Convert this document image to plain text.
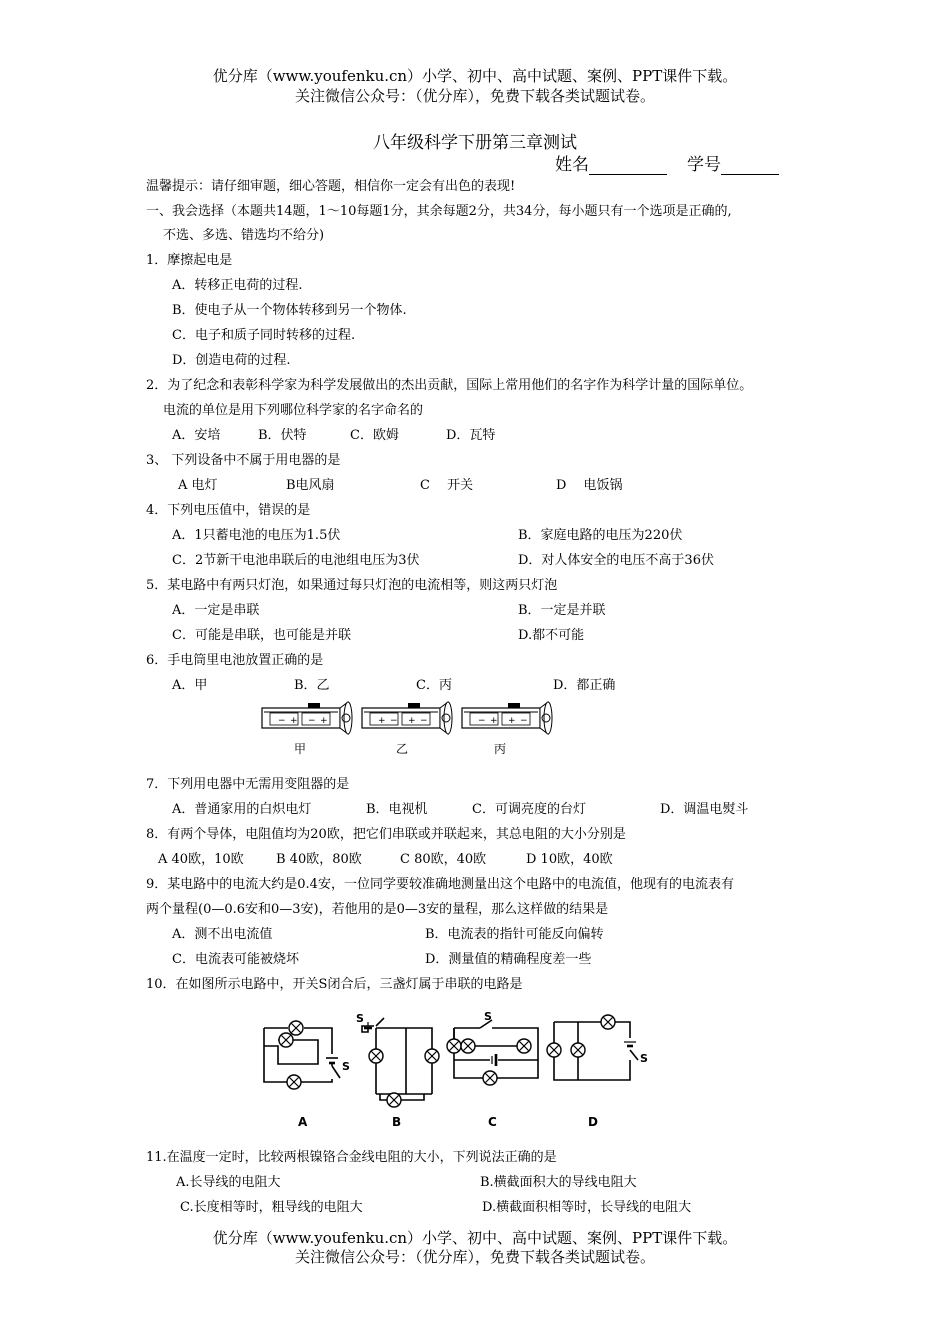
优分库（www.youfenku.cn）小学、初中、高中试题、案例、PPT课件下载。
关注微信公众号：（优分库），免费下载各类试题试卷。
八年级科学下册第三章测试
姓名	学号
温馨提示：请仔细审题，细心答题，相信你一定会有出色的表现!
一、我会选择（本题共14题，1～10每题1分，其余每题2分，共34分，每小题只有一个选项是正确的,
不选、多选、错选均不给分)
1．摩擦起电是
A．转移正电荷的过程.
B．使电子从一个物体转移到另一个物体.
C．电子和质子同时转移的过程.
D．创造电荷的过程.
2．为了纪念和表彰科学家为科学发展做出的杰出贡献，国际上常用他们的名字作为科学计量的国际单位。
电流的单位是用下列哪位科学家的名字命名的
A．安培	B．伏特	C．欧姆	D．瓦特
3、 下列设备中不属于用电器的是
A 电灯	B电风扇	C　 开关	D　 电饭锅
4．下列电压值中，错误的是
A．1只蓄电池的电压为1.5伏	B．家庭电路的电压为220伏
C．2节新干电池串联后的电池组电压为3伏	D．对人体安全的电压不高于36伏
5．某电路中有两只灯泡，如果通过每只灯泡的电流相等，则这两只灯泡
A．一定是串联	B．一定是并联
C．可能是串联，也可能是并联	D.都不可能
6．手电筒里电池放置正确的是
A．甲	B．乙	C．丙	D．都正确
− + − +
甲
+ − + −
乙
− + + −
丙
7．下列用电器中无需用变阻器的是
A．普通家用的白炽电灯	B．电视机	C．可调亮度的台灯	D．调温电熨斗
8．有两个导体，电阻值均为20欧，把它们串联或并联起来，其总电阻的大小分别是
A 40欧，10欧 B 40欧，80欧	C 80欧，40欧	D 10欧，40欧
9．某电路中的电流大约是0.4安，一位同学要较准确地测量出这个电路中的电流值，他现有的电流表有
两个量程(0—0.6安和0—3安)，若他用的是0—3安的量程，那么这样做的结果是
A．测不出电流值	B．电流表的指针可能反向偏转
C．电流表可能被烧坏	D．测量值的精确程度差一些
10．在如图所示电路中，开关S闭合后，三盏灯属于串联的电路是
A
S
S
B
S
C
S
D
11.在温度一定时，比较两根镍铬合金线电阻的大小，下列说法正确的是
A.长导线的电阻大	B.横截面积大的导线电阻大
C.长度相等时，粗导线的电阻大	D.横截面积相等时，长导线的电阻大
优分库（www.youfenku.cn）小学、初中、高中试题、案例、PPT课件下载。
关注微信公众号：（优分库），免费下载各类试题试卷。
